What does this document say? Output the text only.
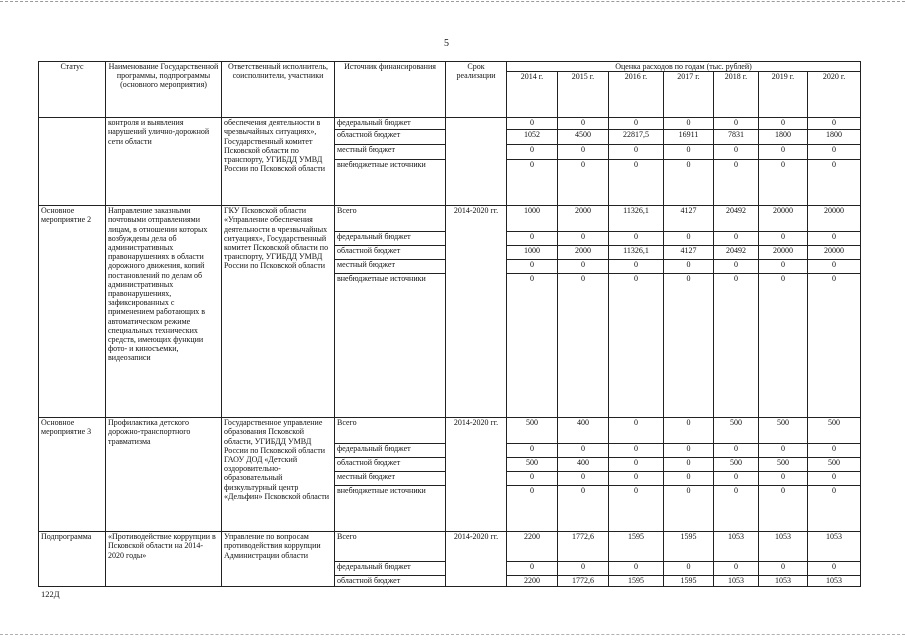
5
Статус	Наименование Государственной программы, подпрограммы (основного мероприятия)	Ответственный исполнитель, соисполнители, участники	Источник финансирования	Срок реализации	Оценка расходов по годам (тыс. рублей)						
					2014 г.	2015 г.	2016 г.	2017 г.	2018 г.	2019 г.	2020 г.
	контроля и выявления нарушений улично-дорожной сети области	обеспечения деятельности в чрезвычайных ситуациях», Государственный комитет Псковской области по транспорту, УГИБДД УМВД России по Псковской области	федеральный бюджет		0	0	0	0	0	0	0
			областной бюджет		1052	4500	22817,5	16911	7831	1800	1800
			местный бюджет		0	0	0	0	0	0	0
			внебюджетные источники		0	0	0	0	0	0	0
Основное мероприятие 2	Направление заказными почтовыми отправлениями лицам, в отношении которых возбуждены дела об административных правонарушениях в области дорожного движения, копий постановлений по делам об административных правонарушениях, зафиксированных с применением работающих в автоматическом режиме специальных технических средств, имеющих функции фото- и киносъемки, видеозаписи	ГКУ Псковской области «Управление обеспечения деятельности в чрезвычайных ситуациях», Государственный комитет Псковской области по транспорту, УГИБДД УМВД России по Псковской области	Всего	2014-2020 гг.	1000	2000	11326,1	4127	20492	20000	20000
			федеральный бюджет		0	0	0	0	0	0	0
			областной бюджет		1000	2000	11326,1	4127	20492	20000	20000
			местный бюджет		0	0	0	0	0	0	0
			внебюджетные источники		0	0	0	0	0	0	0
Основное мероприятие 3	Профилактика детского дорожно-транспортного травматизма	Государственное управление образования Псковской области, УГИБДД УМВД России по Псковской области ГАОУ ДОД «Детский оздоровительно-образовательный физкультурный центр «Дельфин» Псковской области	Всего	2014-2020 гг.	500	400	0	0	500	500	500
			федеральный бюджет		0	0	0	0	0	0	0
			областной бюджет		500	400	0	0	500	500	500
			местный бюджет		0	0	0	0	0	0	0
			внебюджетные источники		0	0	0	0	0	0	0
Подпрограмма	«Противодействие коррупции в Псковской области на 2014-2020 годы»	Управление по вопросам противодействия коррупции Администрации области	Всего	2014-2020 гг.	2200	1772,6	1595	1595	1053	1053	1053
			федеральный бюджет		0	0	0	0	0	0	0
			областной бюджет		2200	1772,6	1595	1595	1053	1053	1053
122Д
